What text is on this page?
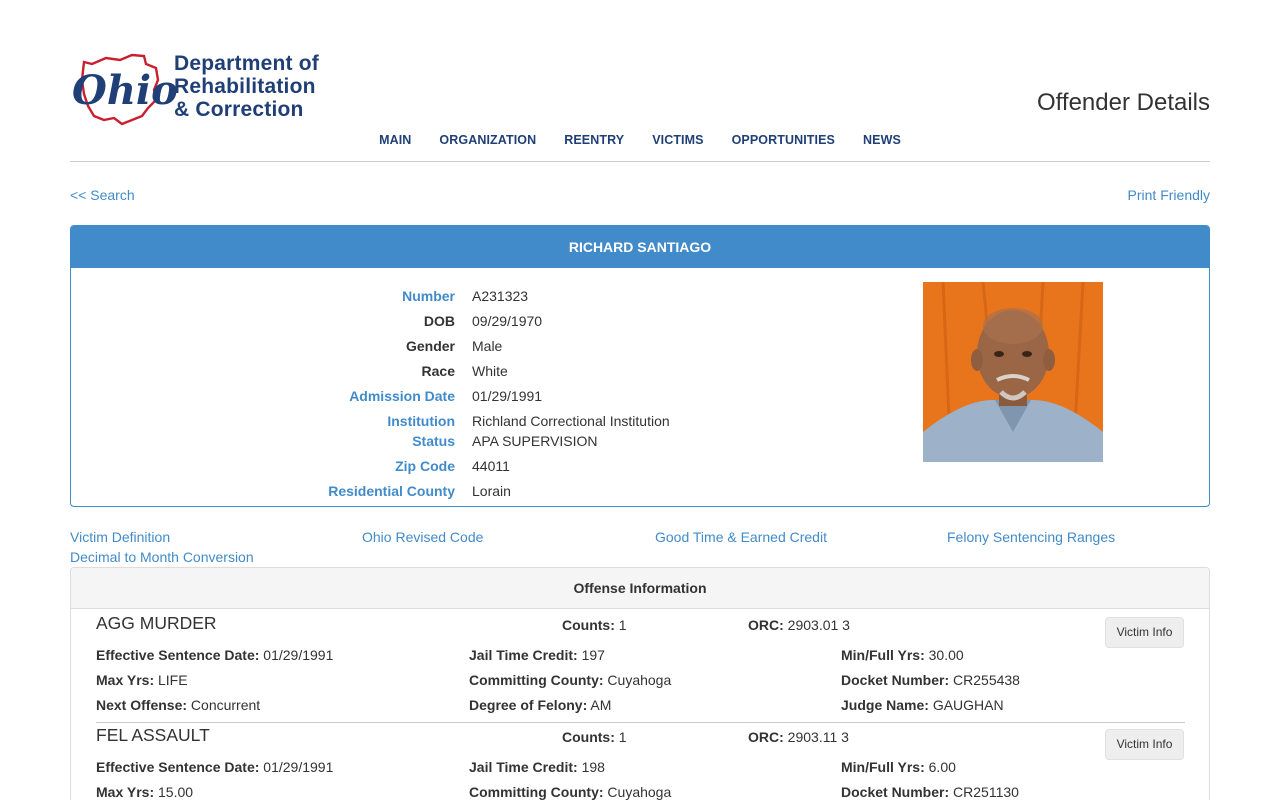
Ohio
Department of
Rehabilitation
& Correction	Offender Details
MAIN ORGANIZATION REENTRY VICTIMS OPPORTUNITIES NEWS
<< Search	Print Friendly
RICHARD SANTIAGO
Number A231323
DOB 09/29/1970
Gender Male
Race White
Admission Date 01/29/1991
Institution Richland Correctional Institution
Status APA SUPERVISION
Zip Code 44011
Residential County Lorain
Victim Definition	Ohio Revised Code	Good Time & Earned Credit	Felony Sentencing Ranges
Decimal to Month Conversion
Offense Information
AGG MURDER	Counts: 1	ORC: 2903.01 3	Victim Info
Effective Sentence Date: 01/29/1991	Jail Time Credit: 197	Min/Full Yrs: 30.00
Max Yrs: LIFE	Committing County: Cuyahoga	Docket Number: CR255438
Next Offense: Concurrent	Degree of Felony: AM	Judge Name: GAUGHAN
FEL ASSAULT	Counts: 1	ORC: 2903.11 3	Victim Info
Effective Sentence Date: 01/29/1991	Jail Time Credit: 198	Min/Full Yrs: 6.00
Max Yrs: 15.00	Committing County: Cuyahoga	Docket Number: CR251130
